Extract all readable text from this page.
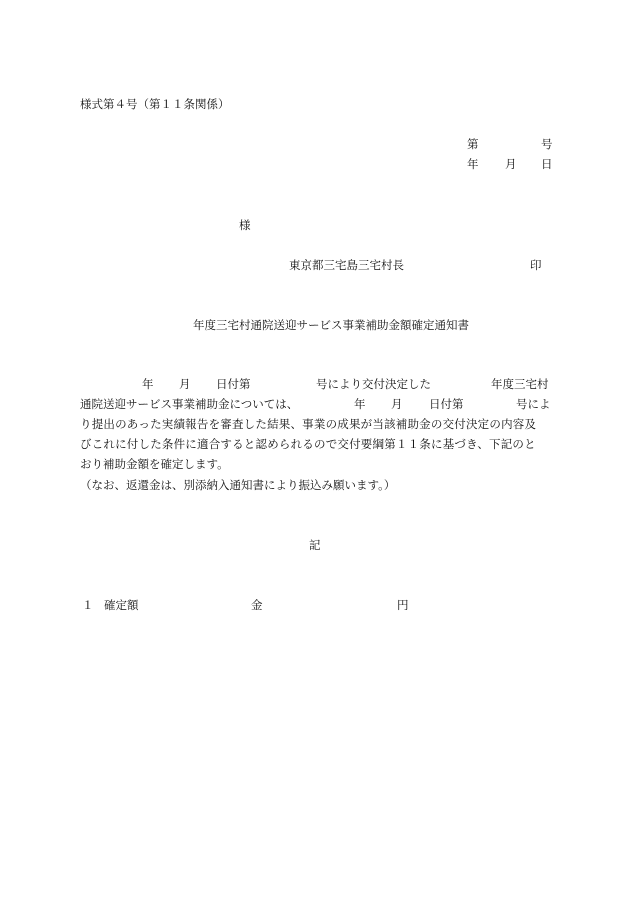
様式第４号（第１１条関係）
第	号
年 月 日
様
東京都三宅島三宅村長	印
年度三宅村通院送迎サービス事業補助金額確定通知書
年 月 日付第	号により交付決定した	年度三宅村
通院送迎サービス事業補助金については、	年 月 日付第	号によ
り提出のあった実績報告を審査した結果、事業の成果が当該補助金の交付決定の内容及
びこれに付した条件に適合すると認められるので交付要綱第１１条に基づき、下記のと
おり補助金額を確定します。
（なお、返還金は、別添納入通知書により振込み願います。）
記
１ 確定額	金	円
